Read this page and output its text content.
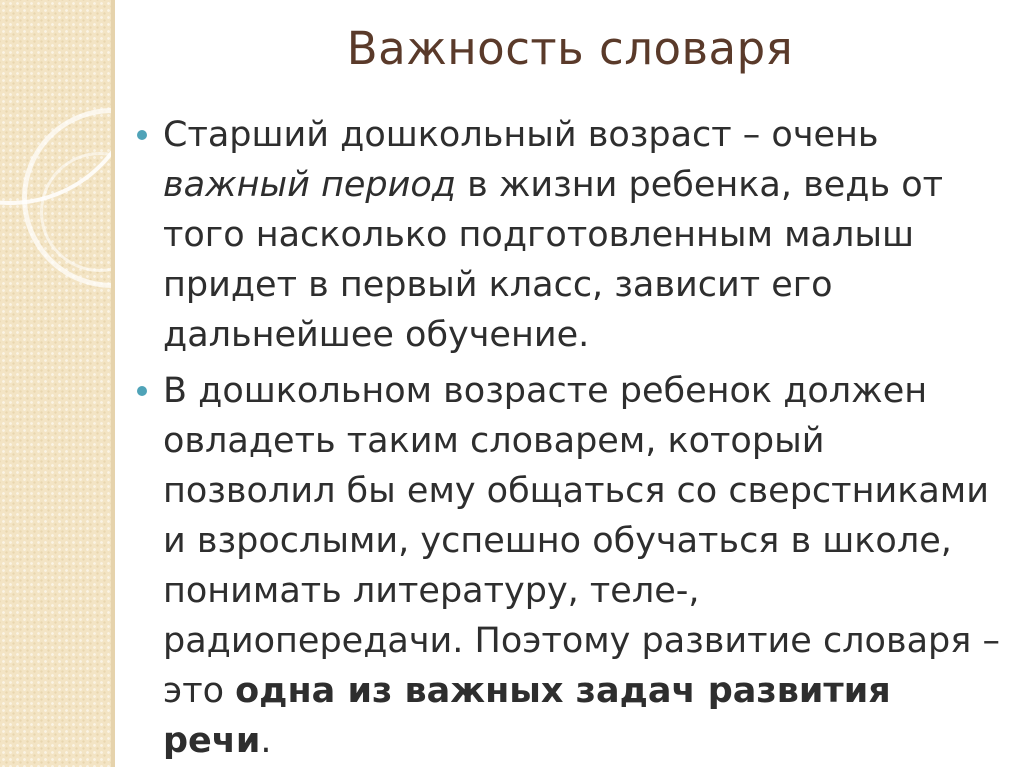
Важность словаря

Старший дошкольный возраст – очень важный период в жизни ребенка, ведь от того насколько подготовленным малыш придет в первый класс, зависит его дальнейшее обучение.

В дошкольном возрасте ребенок должен овладеть таким словарем, который позволил бы ему общаться со сверстниками и взрослыми, успешно обучаться в школе, понимать литературу, теле-, радиопередачи. Поэтому развитие словаря – это одна из важных задач развития речи.
